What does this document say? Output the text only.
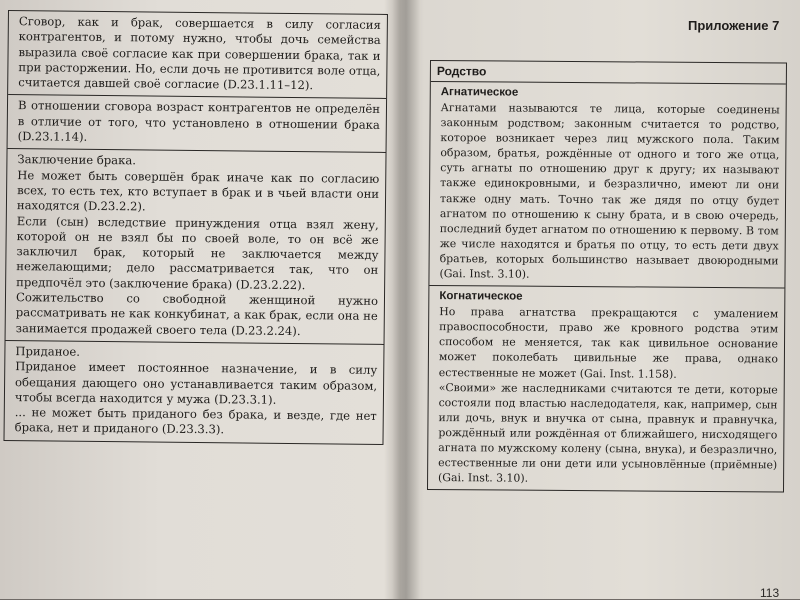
Сговор, как и брак, совершается в силу согласия контрагентов, и потому нужно, чтобы дочь семейства выразила своё согласие как при совершении брака, так и при расторжении. Но, если дочь не противится воле отца, считается давшей своё согласие (D.23.1.11–12).

В отношении сговора возраст контрагентов не определён в отличие от того, что установлено в отношении брака (D.23.1.14).

Заключение брака.

Не может быть совершён брак иначе как по согласию всех, то есть тех, кто вступает в брак и в чьей власти они находятся (D.23.2.2).

Если (сын) вследствие принуждения отца взял жену, которой он не взял бы по своей воле, то он всё же заключил брак, который не заключается между нежелающими; дело рассматривается так, что он предпочёл это (заключение брака) (D.23.2.22).

Сожительство со свободной женщиной нужно рассматривать не как конкубинат, а как брак, если она не занимается продажей своего тела (D.23.2.24).

Приданое.

Приданое имеет постоянное назначение, и в силу обещания дающего оно устанавливается таким образом, чтобы всегда находится у мужа (D.23.3.1).

... не может быть приданого без брака, и везде, где нет брака, нет и приданого (D.23.3.3).

Приложение 7
Родство
Агнатическое

Агнатами называются те лица, которые соединены законным родством; законным считается то родство, которое возникает через лиц мужского пола. Таким образом, братья, рождённые от одного и того же отца, суть агнаты по отношению друг к другу; их называют также единокровными, и безразлично, имеют ли они также одну мать. Точно так же дядя по отцу будет агнатом по отношению к сыну брата, и в свою очередь, последний будет агнатом по отношению к первому. В том же числе находятся и братья по отцу, то есть дети двух братьев, которых большинство называет двоюродными (Gai. Inst. 3.10).

Когнатическое

Но права агнатства прекращаются с умалением правоспособности, право же кровного родства этим способом не меняется, так как цивильное основание может поколебать цивильные же права, однако естественные не может (Gai. Inst. 1.158).

«Своими» же наследниками считаются те дети, которые состояли под властью наследодателя, как, например, сын или дочь, внук и внучка от сына, правнук и правнучка, рождённый или рождённая от ближайшего, нисходящего агната по мужскому колену (сына, внука), и безразлично, естественные ли они дети или усыновлённые (приёмные) (Gai. Inst. 3.10).

113
